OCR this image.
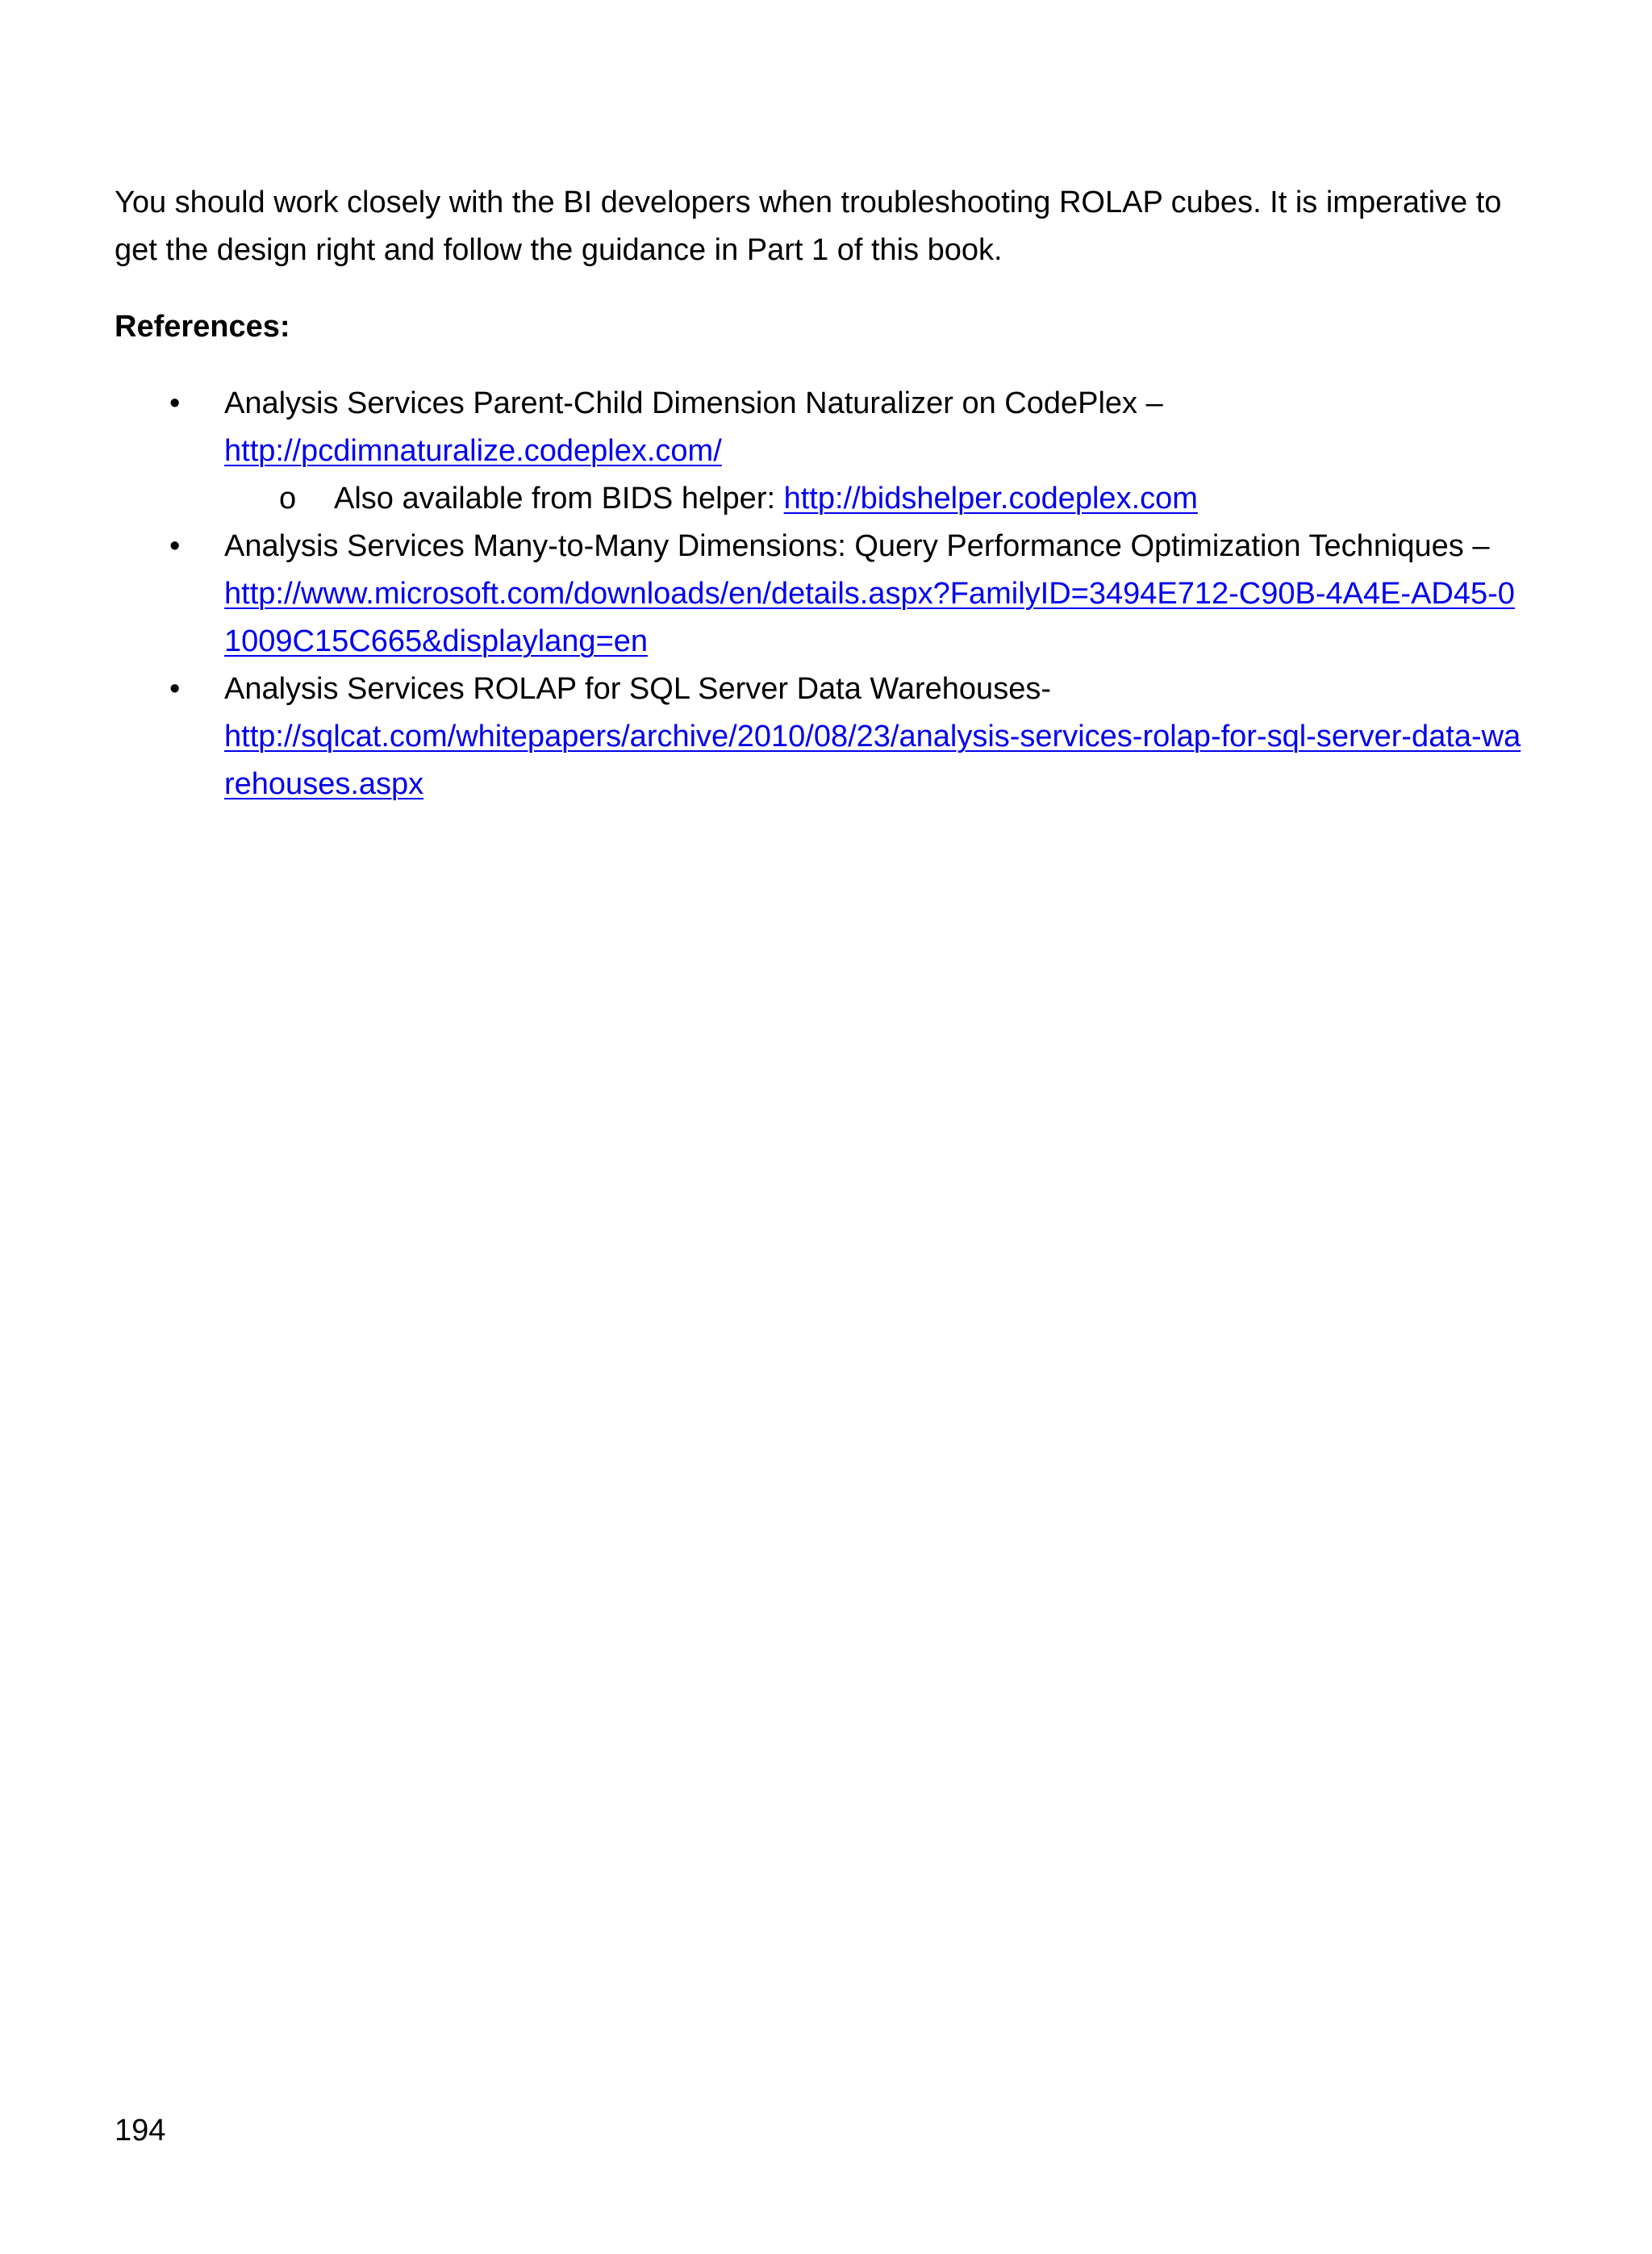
You should work closely with the BI developers when troubleshooting ROLAP cubes. It is imperative to get the design right and follow the guidance in Part 1 of this book.

References:

• Analysis Services Parent-Child Dimension Naturalizer on CodePlex –
http://pcdimnaturalize.codeplex.com/
o Also available from BIDS helper: http://bidshelper.codeplex.com
• Analysis Services Many-to-Many Dimensions: Query Performance Optimization Techniques –
http://www.microsoft.com/downloads/en/details.aspx?FamilyID=3494E712-C90B-4A4E-AD45-01009C15C665&displaylang=en
• Analysis Services ROLAP for SQL Server Data Warehouses-
http://sqlcat.com/whitepapers/archive/2010/08/23/analysis-services-rolap-for-sql-server-data-warehouses.aspx
194
